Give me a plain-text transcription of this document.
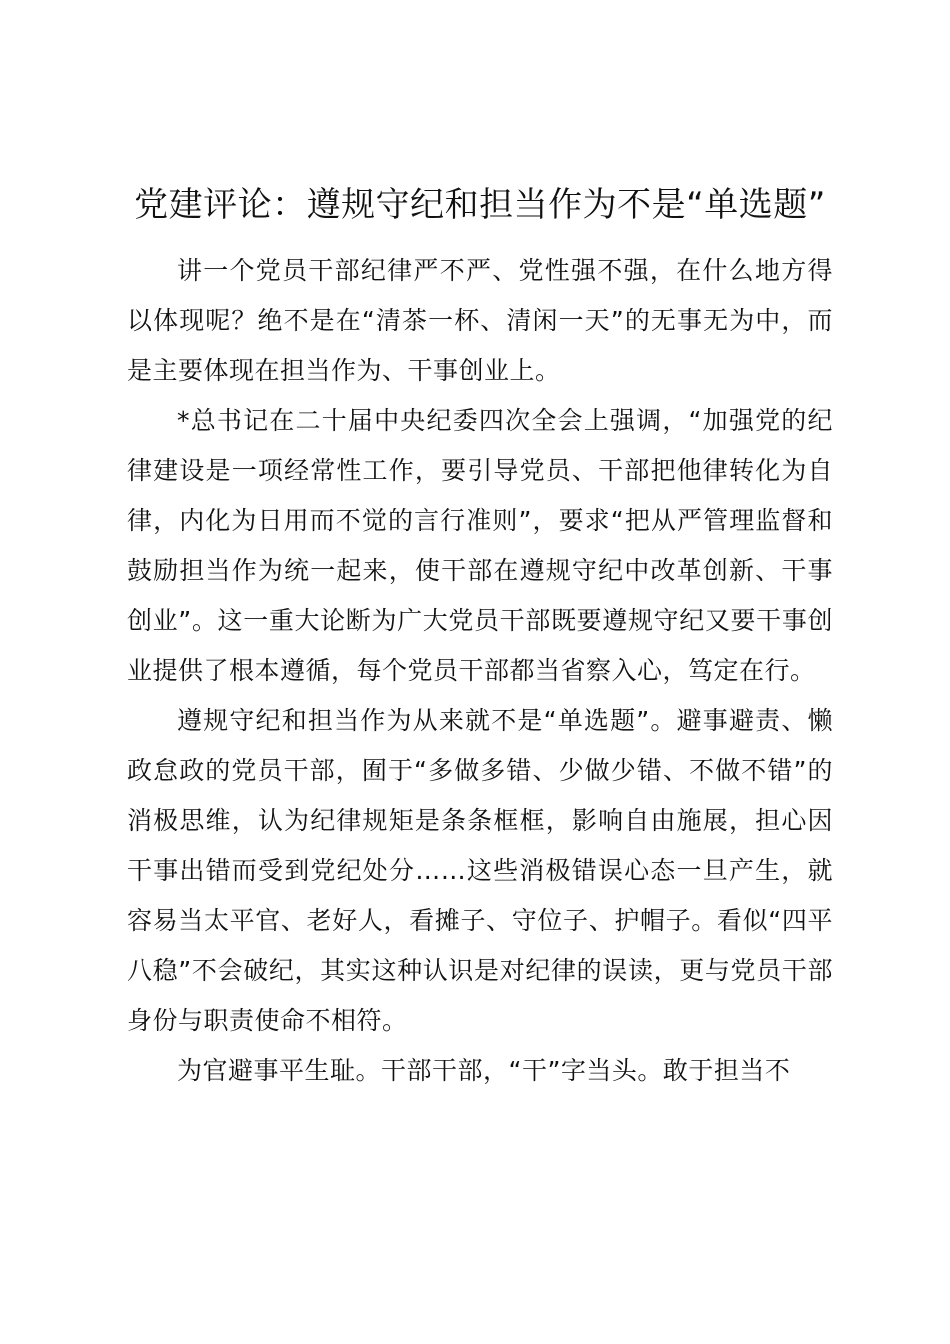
党建评论：遵规守纪和担当作为不是“单选题”

讲一个党员干部纪律严不严、党性强不强，在什么地方得以体现呢？绝不是在“清茶一杯、清闲一天”的无事无为中，而是主要体现在担当作为、干事创业上。

*总书记在二十届中央纪委四次全会上强调，“加强党的纪律建设是一项经常性工作，要引导党员、干部把他律转化为自律，内化为日用而不觉的言行准则”，要求“把从严管理监督和鼓励担当作为统一起来，使干部在遵规守纪中改革创新、干事创业”。这一重大论断为广大党员干部既要遵规守纪又要干事创业提供了根本遵循，每个党员干部都当省察入心，笃定在行。

遵规守纪和担当作为从来就不是“单选题”。避事避责、懒政怠政的党员干部，囿于“多做多错、少做少错、不做不错”的消极思维，认为纪律规矩是条条框框，影响自由施展，担心因干事出错而受到党纪处分……这些消极错误心态一旦产生，就容易当太平官、老好人，看摊子、守位子、护帽子。看似“四平八稳”不会破纪，其实这种认识是对纪律的误读，更与党员干部身份与职责使命不相符。

为官避事平生耻。干部干部，“干”字当头。敢于担当不
